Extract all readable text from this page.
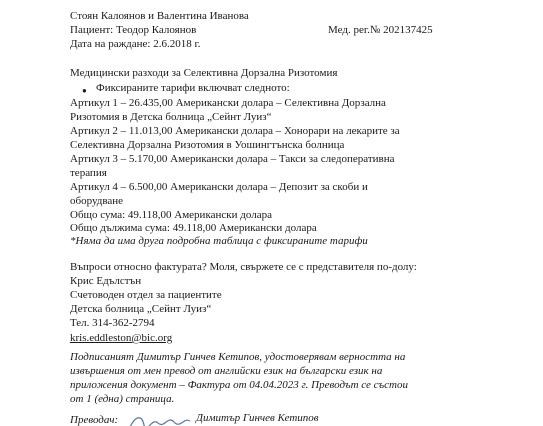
Стоян Калоянов и Валентина Иванова
Пациент: Теодор Калоянов	Мед. рег.№ 202137425
Дата на раждане: 2.6.2018 г.
Медицински разходи за Селективна Дорзална Ризотомия
● Фиксираните тарифи включват следното:
Артикул 1 – 26.435,00 Американски долара – Селективна Дорзална
Ризотомия в Детска болница „Сейнт Луиз“
Артикул 2 – 11.013,00 Американски долара – Хонорари на лекарите за
Селективна Дорзална Ризотомия в Уошингтънска болница
Артикул 3 – 5.170,00 Американски долара – Такси за следоперативна
терапия
Артикул 4 – 6.500,00 Американски долара – Депозит за скоби и
оборудване
Общо сума: 49.118,00 Американски долара
Общо дължима сума: 49.118,00 Американски долара
*Няма да има друга подробна таблица с фиксираните тарифи
Въпроси относно фактурата? Моля, свържете се с представителя по-долу:
Крис Едълстън
Счетоводен отдел за пациентите
Детска болница „Сейнт Луиз“
Тел. 314-362-2794
kris.eddleston@bic.org
Подписаният Димитър Гинчев Кетипов, удостоверявам верността на
извършения от мен превод от английски език на български език на
приложения документ – Фактура от 04.04.2023 г. Преводът се състои
от 1 (една) страница.
Преводач:	Димитър Гинчев Кетипов
